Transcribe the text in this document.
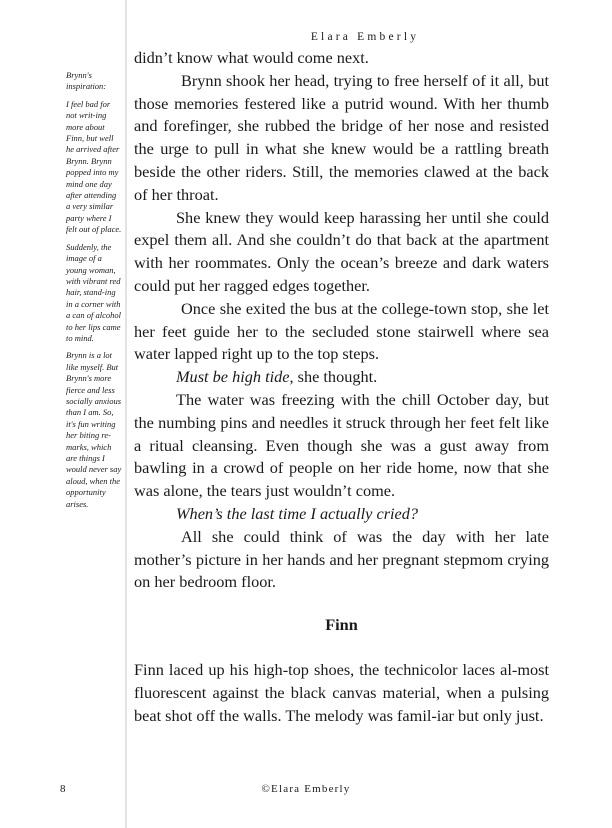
Elara Emberly

Brynn's inspiration:

I feel bad for not writ-ing more about Finn, but well he arrived after Brynn. Brynn popped into my mind one day after attending a very similar party where I felt out of place.

Suddenly, the image of a young woman, with vibrant red hair, stand-ing in a corner with a can of alcohol to her lips came to mind.

Brynn is a lot like myself. But Brynn's more fierce and less socially anxious than I am. So, it's fun writing her biting re-marks, which are things I would never say aloud, when the opportunity arises.

didn’t know what would come next.

Brynn shook her head, trying to free herself of it all, but those memories festered like a putrid wound. With her thumb and forefinger, she rubbed the bridge of her nose and resisted the urge to pull in what she knew would be a rattling breath beside the other riders. Still, the memories clawed at the back of her throat.

She knew they would keep harassing her until she could expel them all. And she couldn’t do that back at the apartment with her roommates. Only the ocean’s breeze and dark waters could put her ragged edges together.

Once she exited the bus at the college-town stop, she let her feet guide her to the secluded stone stairwell where sea water lapped right up to the top steps.

Must be high tide, she thought.

The water was freezing with the chill October day, but the numbing pins and needles it struck through her feet felt like a ritual cleansing. Even though she was a gust away from bawling in a crowd of people on her ride home, now that she was alone, the tears just wouldn’t come.

When’s the last time I actually cried?

All she could think of was the day with her late mother’s picture in her hands and her pregnant stepmom crying on her bedroom floor.

Finn

Finn laced up his high-top shoes, the technicolor laces al-most fluorescent against the black canvas material, when a pulsing beat shot off the walls. The melody was famil-iar but only just.

8	©Elara Emberly
